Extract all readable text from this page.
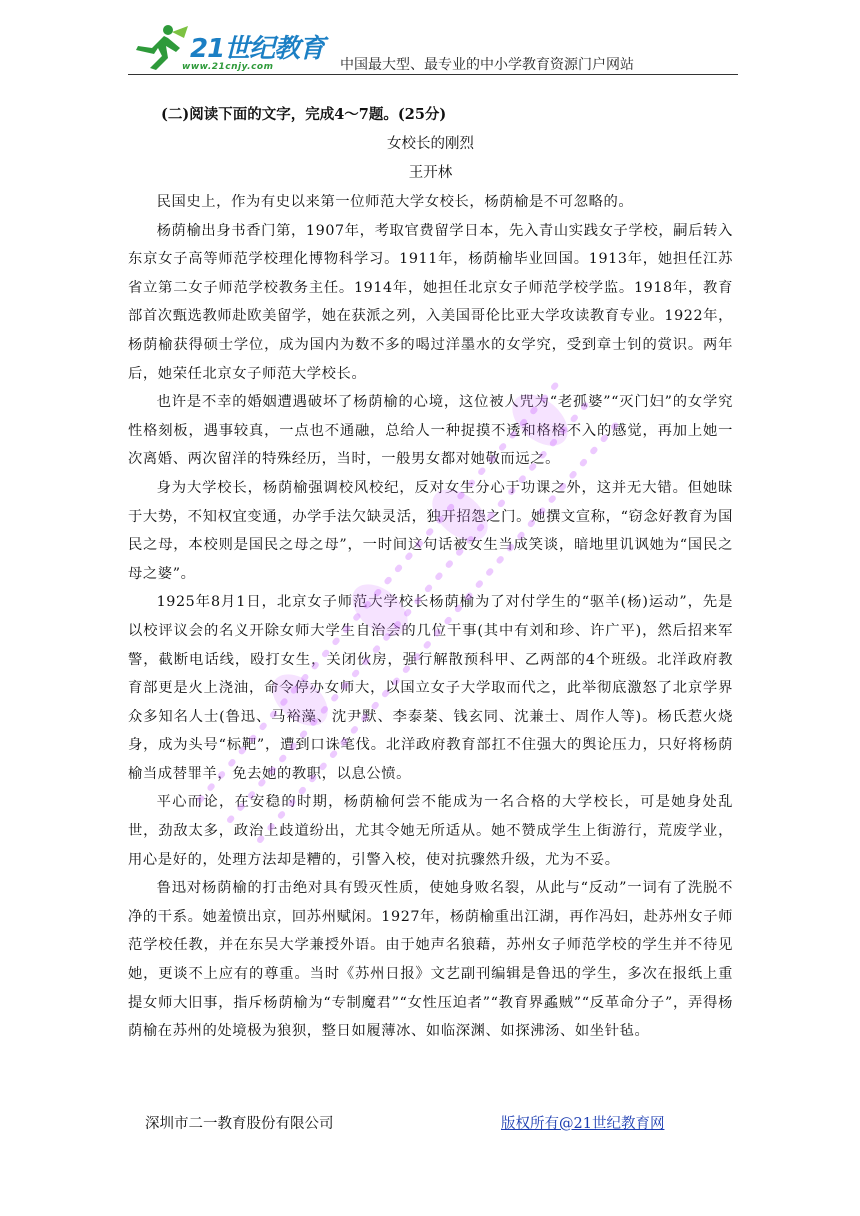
21世纪教育
www.21cnjy.com	中国最大型、最专业的中小学教育资源门户网站
(二)阅读下面的文字，完成4～7题。(25分)
女校长的刚烈
王开林

民国史上，作为有史以来第一位师范大学女校长，杨荫榆是不可忽略的。

杨荫榆出身书香门第，1907年，考取官费留学日本，先入青山实践女子学校，嗣后转入东京女子高等师范学校理化博物科学习。1911年，杨荫榆毕业回国。1913年，她担任江苏省立第二女子师范学校教务主任。1914年，她担任北京女子师范学校学监。1918年，教育部首次甄选教师赴欧美留学，她在获派之列，入美国哥伦比亚大学攻读教育专业。1922年，杨荫榆获得硕士学位，成为国内为数不多的喝过洋墨水的女学究，受到章士钊的赏识。两年后，她荣任北京女子师范大学校长。

也许是不幸的婚姻遭遇破坏了杨荫榆的心境，这位被人咒为“老孤婆”“灭门妇”的女学究性格刻板，遇事较真，一点也不通融，总给人一种捉摸不透和格格不入的感觉，再加上她一次离婚、两次留洋的特殊经历，当时，一般男女都对她敬而远之。

身为大学校长，杨荫榆强调校风校纪，反对女生分心于功课之外，这并无大错。但她昧于大势，不知权宜变通，办学手法欠缺灵活，独开招怨之门。她撰文宣称，“窃念好教育为国民之母，本校则是国民之母之母”，一时间这句话被女生当成笑谈，暗地里讥讽她为“国民之母之婆”。

1925年8月1日，北京女子师范大学校长杨荫榆为了对付学生的“驱羊(杨)运动”，先是以校评议会的名义开除女师大学生自治会的几位干事(其中有刘和珍、许广平)，然后招来军警，截断电话线，殴打女生，关闭伙房，强行解散预科甲、乙两部的4个班级。北洋政府教育部更是火上浇油，命令停办女师大，以国立女子大学取而代之，此举彻底激怒了北京学界众多知名人士(鲁迅、马裕藻、沈尹默、李泰棻、钱玄同、沈兼士、周作人等)。杨氏惹火烧身，成为头号“标靶”，遭到口诛笔伐。北洋政府教育部扛不住强大的舆论压力，只好将杨荫榆当成替罪羊，免去她的教职，以息公愤。

平心而论，在安稳的时期，杨荫榆何尝不能成为一名合格的大学校长，可是她身处乱世，劲敌太多，政治上歧道纷出，尤其令她无所适从。她不赞成学生上街游行，荒废学业，用心是好的，处理方法却是糟的，引警入校，使对抗骤然升级，尤为不妥。

鲁迅对杨荫榆的打击绝对具有毁灭性质，使她身败名裂，从此与“反动”一词有了洗脱不净的干系。她羞愤出京，回苏州赋闲。1927年，杨荫榆重出江湖，再作冯妇，赴苏州女子师范学校任教，并在东吴大学兼授外语。由于她声名狼藉，苏州女子师范学校的学生并不待见她，更谈不上应有的尊重。当时《苏州日报》文艺副刊编辑是鲁迅的学生，多次在报纸上重提女师大旧事，指斥杨荫榆为“专制魔君”“女性压迫者”“教育界蟊贼”“反革命分子”，弄得杨荫榆在苏州的处境极为狼狈，整日如履薄冰、如临深渊、如探沸汤、如坐针毡。

深圳市二一教育股份有限公司	版权所有@21世纪教育网
